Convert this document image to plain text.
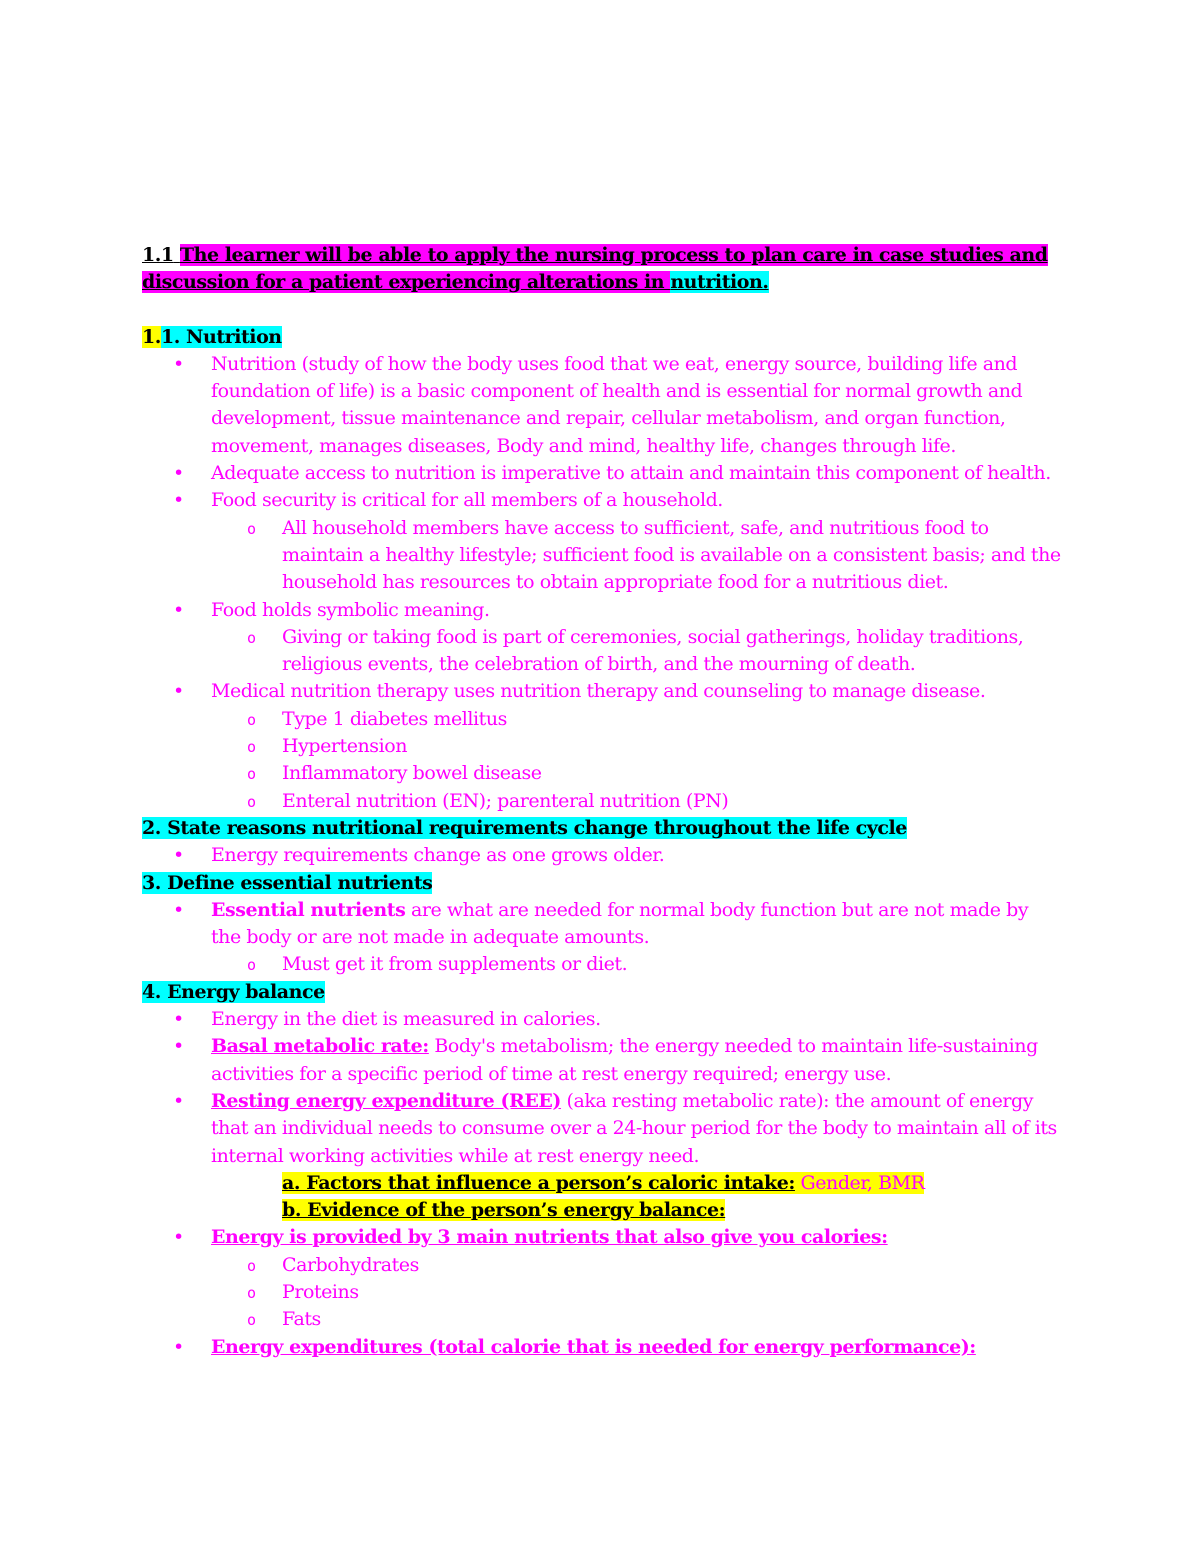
1.1 The learner will be able to apply the nursing process to plan care in case studies and
discussion for a patient experiencing alterations in nutrition.
1.1. Nutrition
• Nutrition (study of how the body uses food that we eat, energy source, building life and foundation of life) is a basic component of health and is essential for normal growth and development, tissue maintenance and repair, cellular metabolism, and organ function, movement, manages diseases, Body and mind, healthy life, changes through life.
• Adequate access to nutrition is imperative to attain and maintain this component of health.
• Food security is critical for all members of a household.
o All household members have access to sufficient, safe, and nutritious food to maintain a healthy lifestyle; sufficient food is available on a consistent basis; and the household has resources to obtain appropriate food for a nutritious diet.
• Food holds symbolic meaning.
o Giving or taking food is part of ceremonies, social gatherings, holiday traditions, religious events, the celebration of birth, and the mourning of death.
• Medical nutrition therapy uses nutrition therapy and counseling to manage disease.
o Type 1 diabetes mellitus
o Hypertension
o Inflammatory bowel disease
o Enteral nutrition (EN); parenteral nutrition (PN)
2. State reasons nutritional requirements change throughout the life cycle
• Energy requirements change as one grows older.
3. Define essential nutrients
• Essential nutrients are what are needed for normal body function but are not made by the body or are not made in adequate amounts.
o Must get it from supplements or diet.
4. Energy balance
• Energy in the diet is measured in calories.
• Basal metabolic rate: Body's metabolism; the energy needed to maintain life-sustaining activities for a specific period of time at rest energy required; energy use.
• Resting energy expenditure (REE) (aka resting metabolic rate): the amount of energy that an individual needs to consume over a 24-hour period for the body to maintain all of its internal working activities while at rest energy need.
a. Factors that influence a person’s caloric intake: Gender, BMR
b. Evidence of the person’s energy balance:
• Energy is provided by 3 main nutrients that also give you calories:
o Carbohydrates
o Proteins
o Fats
• Energy expenditures (total calorie that is needed for energy performance):
